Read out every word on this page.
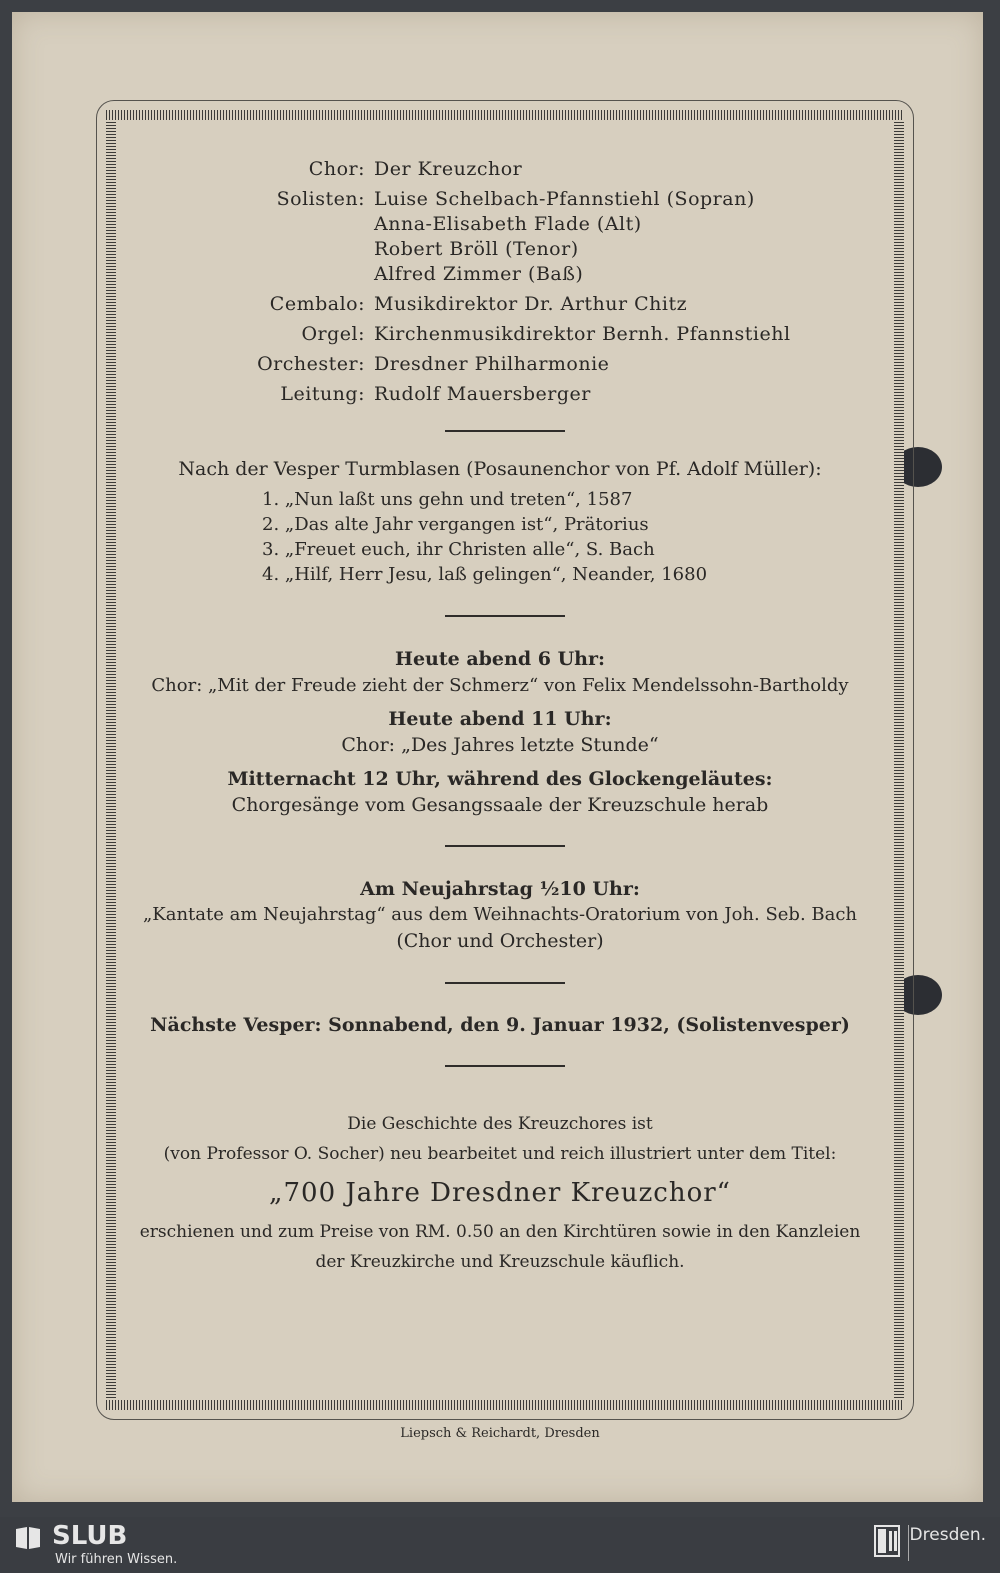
Chor: Der Kreuzchor
Solisten: Luise Schelbach-Pfannstiehl (Sopran)
Anna-Elisabeth Flade (Alt)
Robert Bröll (Tenor)
Alfred Zimmer (Baß)
Cembalo: Musikdirektor Dr. Arthur Chitz
Orgel: Kirchenmusikdirektor Bernh. Pfannstiehl
Orchester: Dresdner Philharmonie
Leitung: Rudolf Mauersberger
Nach der Vesper Turmblasen (Posaunenchor von Pf. Adolf Müller):
1. „Nun laßt uns gehn und treten“, 1587
2. „Das alte Jahr vergangen ist“, Prätorius
3. „Freuet euch, ihr Christen alle“, S. Bach
4. „Hilf, Herr Jesu, laß gelingen“, Neander, 1680
Heute abend 6 Uhr:
Chor: „Mit der Freude zieht der Schmerz“ von Felix Mendelssohn-Bartholdy
Heute abend 11 Uhr:
Chor: „Des Jahres letzte Stunde“
Mitternacht 12 Uhr, während des Glockengeläutes:
Chorgesänge vom Gesangssaale der Kreuzschule herab
Am Neujahrstag ½10 Uhr:
„Kantate am Neujahrstag“ aus dem Weihnachts-Oratorium von Joh. Seb. Bach
(Chor und Orchester)
Nächste Vesper: Sonnabend, den 9. Januar 1932, (Solistenvesper)
Die Geschichte des Kreuzchores ist
(von Professor O. Socher) neu bearbeitet und reich illustriert unter dem Titel:
„700 Jahre Dresdner Kreuzchor“
erschienen und zum Preise von RM. 0.50 an den Kirchtüren sowie in den Kanzleien
der Kreuzkirche und Kreuzschule käuflich.
Liepsch & Reichardt, Dresden
SLUB
Wir führen Wissen.
Dresden.
